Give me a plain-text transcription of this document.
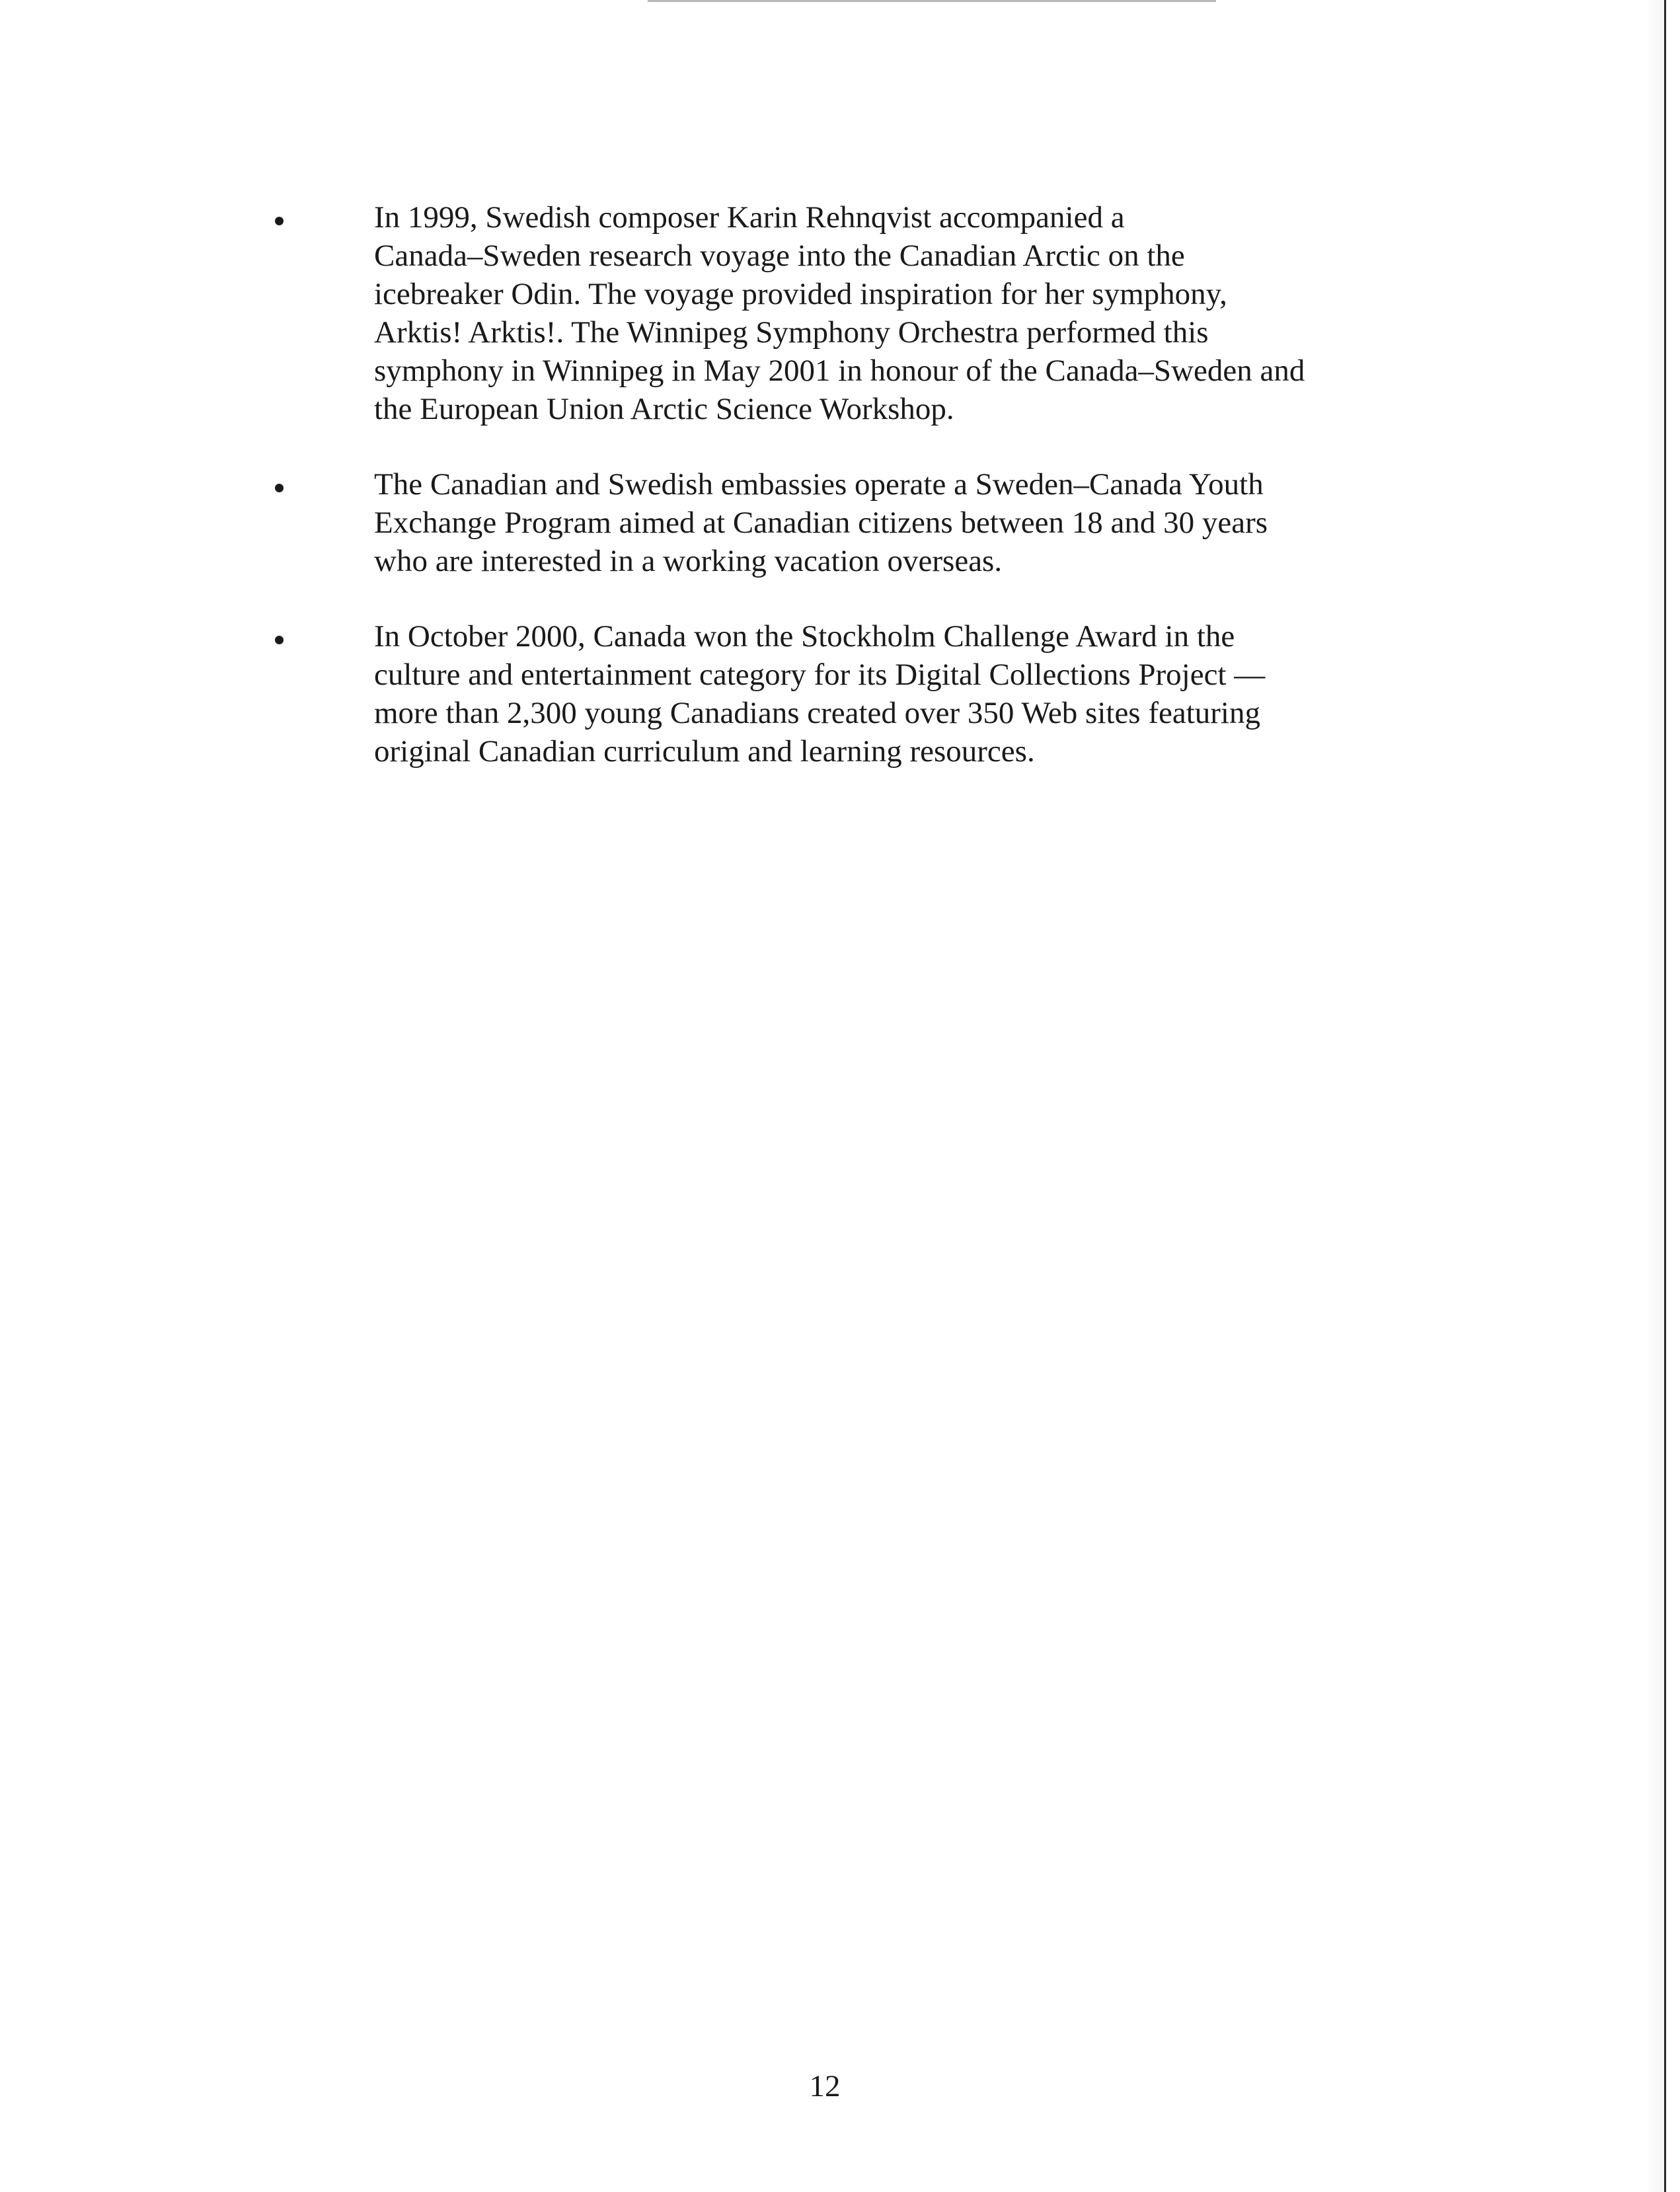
In 1999, Swedish composer Karin Rehnqvist accompanied a
Canada–Sweden research voyage into the Canadian Arctic on the
icebreaker Odin. The voyage provided inspiration for her symphony,
Arktis! Arktis!. The Winnipeg Symphony Orchestra performed this
symphony in Winnipeg in May 2001 in honour of the Canada–Sweden and
the European Union Arctic Science Workshop.

The Canadian and Swedish embassies operate a Sweden–Canada Youth
Exchange Program aimed at Canadian citizens between 18 and 30 years
who are interested in a working vacation overseas.

In October 2000, Canada won the Stockholm Challenge Award in the
culture and entertainment category for its Digital Collections Project —
more than 2,300 young Canadians created over 350 Web sites featuring
original Canadian curriculum and learning resources.

12
